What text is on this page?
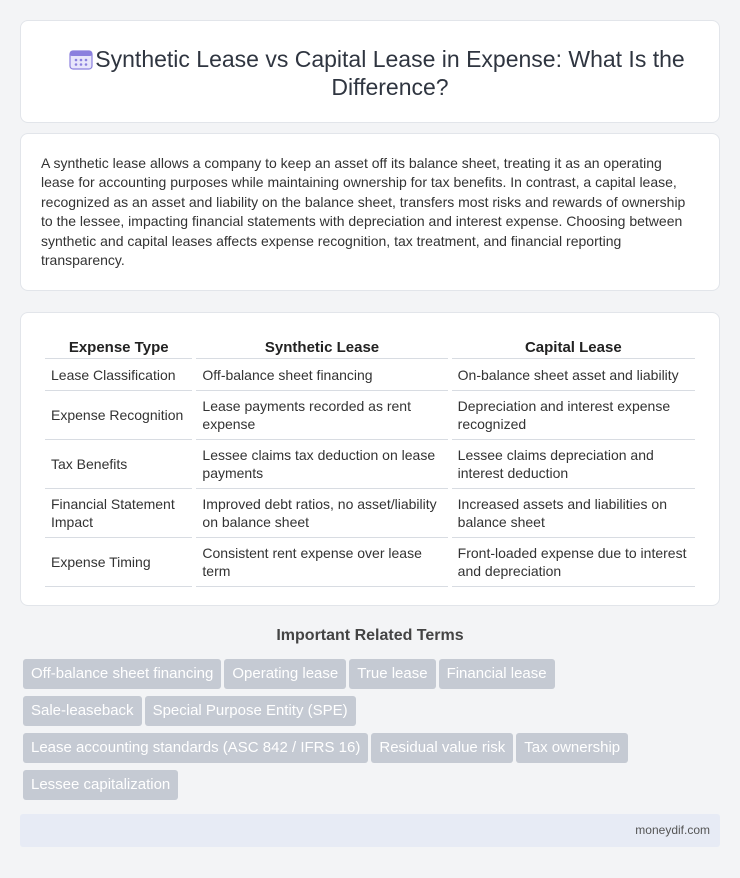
Synthetic Lease vs Capital Lease in Expense: What Is the Difference?

A synthetic lease allows a company to keep an asset off its balance sheet, treating it as an operating lease for accounting purposes while maintaining ownership for tax benefits. In contrast, a capital lease, recognized as an asset and liability on the balance sheet, transfers most risks and rewards of ownership to the lessee, impacting financial statements with depreciation and interest expense. Choosing between synthetic and capital leases affects expense recognition, tax treatment, and financial reporting transparency.

Expense Type	Synthetic Lease	Capital Lease
Lease Classification	Off-balance sheet financing	On-balance sheet asset and liability
Expense Recognition	Lease payments recorded as rent expense	Depreciation and interest expense recognized
Tax Benefits	Lessee claims tax deduction on lease payments	Lessee claims depreciation and interest deduction
Financial Statement Impact	Improved debt ratios, no asset/liability on balance sheet	Increased assets and liabilities on balance sheet
Expense Timing	Consistent rent expense over lease term	Front-loaded expense due to interest and depreciation
Important Related Terms
Off-balance sheet financing Operating lease True lease Financial lease
Sale-leaseback Special Purpose Entity (SPE)
Lease accounting standards (ASC 842 / IFRS 16) Residual value risk Tax ownership
Lessee capitalization
moneydif.com
